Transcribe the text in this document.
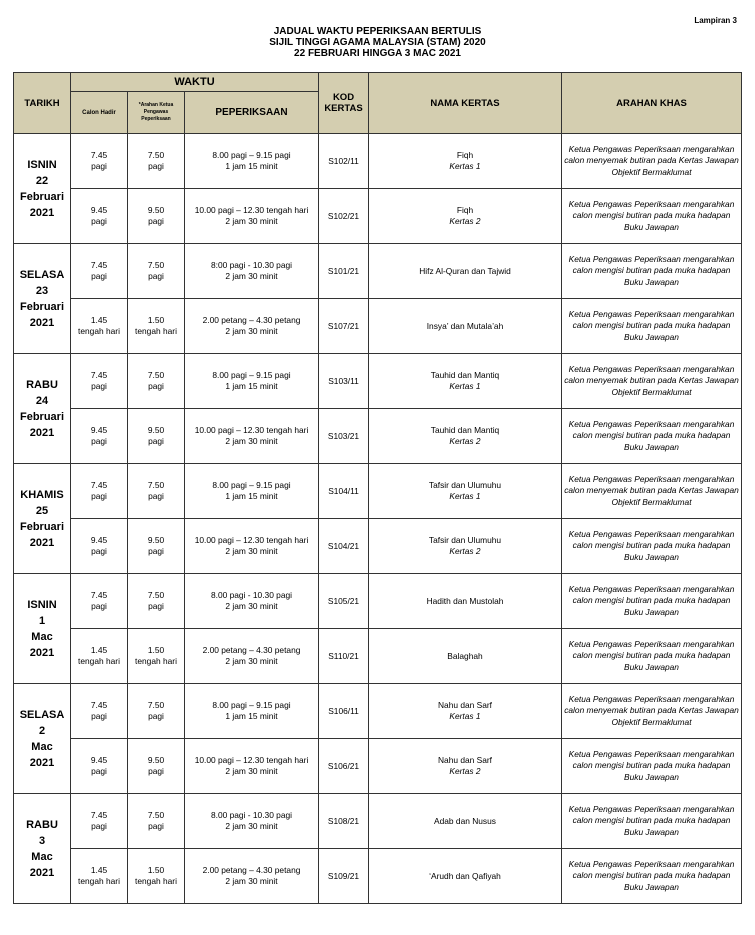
Lampiran 3
JADUAL WAKTU PEPERIKSAAN BERTULIS
SIJIL TINGGI AGAMA MALAYSIA (STAM) 2020
22 FEBRUARI HINGGA 3 MAC 2021
TARIKH	WAKTU			KOD KERTAS	NAMA KERTAS	ARAHAN KHAS
	Calon Hadir	*Arahan Ketua Pengawas Peperiksaan	PEPERIKSAAN			

ISNIN
22
Februari
2021	7.45
pagi	7.50
pagi	8.00 pagi – 9.15 pagi
1 jam 15 minit	S102/11	Fiqh
Kertas 1	Ketua Pengawas Peperiksaan mengarahkan calon menyemak butiran pada Kertas Jawapan Objektif Bermaklumat

	9.45
pagi	9.50
pagi	10.00 pagi – 12.30 tengah hari
2 jam 30 minit	S102/21	Fiqh
Kertas 2	Ketua Pengawas Peperiksaan mengarahkan calon mengisi butiran pada muka hadapan Buku Jawapan

SELASA
23
Februari
2021	7.45
pagi	7.50
pagi	8:00 pagi - 10.30 pagi
2 jam 30 minit	S101/21	Hifz Al-Quran dan Tajwid	Ketua Pengawas Peperiksaan mengarahkan calon mengisi butiran pada muka hadapan Buku Jawapan

	1.45
tengah hari	1.50
tengah hari	2.00 petang – 4.30 petang
2 jam 30 minit	S107/21	Insya’ dan Mutala’ah	Ketua Pengawas Peperiksaan mengarahkan calon mengisi butiran pada muka hadapan Buku Jawapan

RABU
24
Februari
2021	7.45
pagi	7.50
pagi	8.00 pagi – 9.15 pagi
1 jam 15 minit	S103/11	Tauhid dan Mantiq
Kertas 1	Ketua Pengawas Peperiksaan mengarahkan calon menyemak butiran pada Kertas Jawapan Objektif Bermaklumat

	9.45
pagi	9.50
pagi	10.00 pagi – 12.30 tengah hari
2 jam 30 minit	S103/21	Tauhid dan Mantiq
Kertas 2	Ketua Pengawas Peperiksaan mengarahkan calon mengisi butiran pada muka hadapan Buku Jawapan

KHAMIS
25
Februari
2021	7.45
pagi	7.50
pagi	8.00 pagi – 9.15 pagi
1 jam 15 minit	S104/11	Tafsir dan Ulumuhu
Kertas 1	Ketua Pengawas Peperiksaan mengarahkan calon menyemak butiran pada Kertas Jawapan Objektif Bermaklumat

	9.45
pagi	9.50
pagi	10.00 pagi – 12.30 tengah hari
2 jam 30 minit	S104/21	Tafsir dan Ulumuhu
Kertas 2	Ketua Pengawas Peperiksaan mengarahkan calon mengisi butiran pada muka hadapan Buku Jawapan

ISNIN
1
Mac
2021	7.45
pagi	7.50
pagi	8.00 pagi - 10.30 pagi
2 jam 30 minit	S105/21	Hadith dan Mustolah	Ketua Pengawas Peperiksaan mengarahkan calon mengisi butiran pada muka hadapan Buku Jawapan

	1.45
tengah hari	1.50
tengah hari	2.00 petang – 4.30 petang
2 jam 30 minit	S110/21	Balaghah	Ketua Pengawas Peperiksaan mengarahkan calon mengisi butiran pada muka hadapan Buku Jawapan

SELASA
2
Mac
2021	7.45
pagi	7.50
pagi	8.00 pagi – 9.15 pagi
1 jam 15 minit	S106/11	Nahu dan Sarf
Kertas 1	Ketua Pengawas Peperiksaan mengarahkan calon menyemak butiran pada Kertas Jawapan Objektif Bermaklumat

	9.45
pagi	9.50
pagi	10.00 pagi – 12.30 tengah hari
2 jam 30 minit	S106/21	Nahu dan Sarf
Kertas 2	Ketua Pengawas Peperiksaan mengarahkan calon mengisi butiran pada muka hadapan Buku Jawapan

RABU
3
Mac
2021	7.45
pagi	7.50
pagi	8.00 pagi - 10.30 pagi
2 jam 30 minit	S108/21	Adab dan Nusus	Ketua Pengawas Peperiksaan mengarahkan calon mengisi butiran pada muka hadapan Buku Jawapan

	1.45
tengah hari	1.50
tengah hari	2.00 petang – 4.30 petang
2 jam 30 minit	S109/21	‘Arudh dan Qafiyah	Ketua Pengawas Peperiksaan mengarahkan calon mengisi butiran pada muka hadapan Buku Jawapan
